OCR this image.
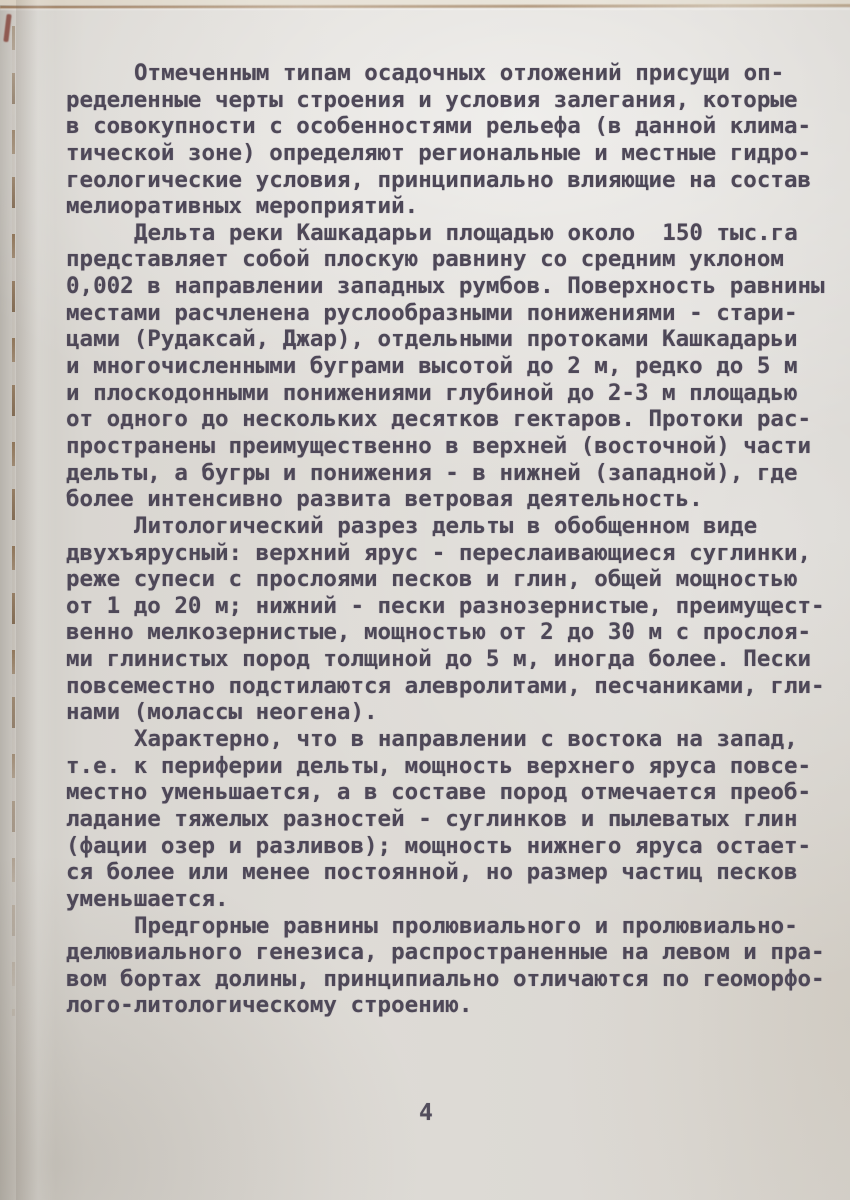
Отмеченным типам осадочных отложений присущи оп-
ределенные черты строения и условия залегания, которые
в совокупности с особенностями рельефа (в данной клима-
тической зоне) определяют региональные и местные гидро-
геологические условия, принципиально влияющие на состав
мелиоративных мероприятий.
Дельта реки Кашкадарьи площадью около  150 тыс.га
представляет собой плоскую равнину со средним уклоном
0,002 в направлении западных румбов. Поверхность равнины
местами расчленена руслообразными понижениями - стари-
цами (Рудаксай, Джар), отдельными протоками Кашкадарьи
и многочисленными буграми высотой до 2 м, редко до 5 м
и плоскодонными понижениями глубиной до 2-3 м площадью
от одного до нескольких десятков гектаров. Протоки рас-
пространены преимущественно в верхней (восточной) части
дельты, а бугры и понижения - в нижней (западной), где
более интенсивно развита ветровая деятельность.
Литологический разрез дельты в обобщенном виде
двухъярусный: верхний ярус - переслаивающиеся суглинки,
реже супеси с прослоями песков и глин, общей мощностью
от 1 до 20 м; нижний - пески разнозернистые, преимущест-
венно мелкозернистые, мощностью от 2 до 30 м с прослоя-
ми глинистых пород толщиной до 5 м, иногда более. Пески
повсеместно подстилаются алевролитами, песчаниками, гли-
нами (молассы неогена).
Характерно, что в направлении с востока на запад,
т.е. к периферии дельты, мощность верхнего яруса повсе-
местно уменьшается, а в составе пород отмечается преоб-
ладание тяжелых разностей - суглинков и пылеватых глин
(фации озер и разливов); мощность нижнего яруса остает-
ся более или менее постоянной, но размер частиц песков
уменьшается.
Предгорные равнины пролювиального и пролювиально-
делювиального генезиса, распространенные на левом и пра-
вом бортах долины, принципиально отличаются по геоморфо-
лого-литологическому строению.
4
